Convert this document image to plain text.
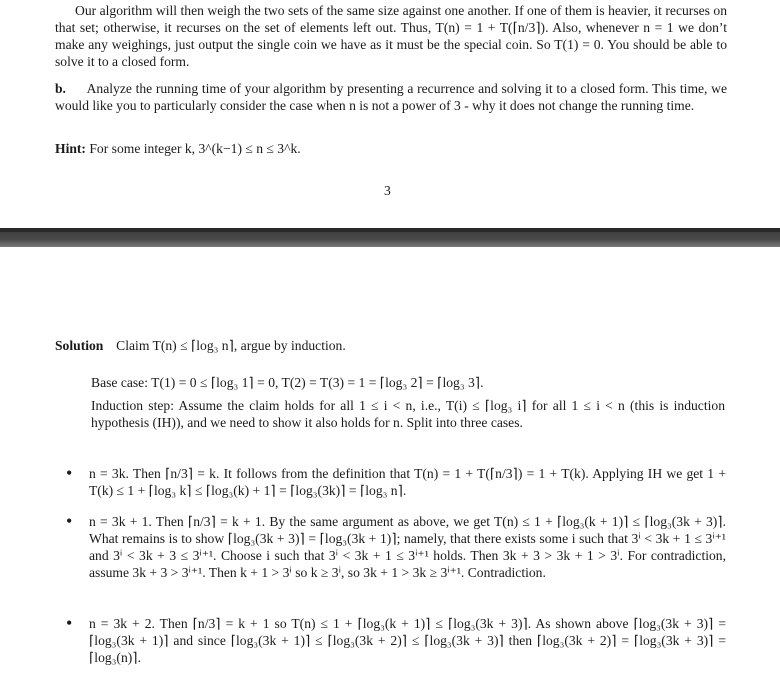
Our algorithm will then weigh the two sets of the same size against one another. If one of them is heavier, it recurses on that set; otherwise, it recurses on the set of elements left out. Thus, T(n) = 1 + T(⌈n/3⌉). Also, whenever n = 1 we don’t make any weighings, just output the single coin we have as it must be the special coin. So T(1) = 0. You should be able to solve it to a closed form.
b. Analyze the running time of your algorithm by presenting a recurrence and solving it to a closed form. This time, we would like you to particularly consider the case when n is not a power of 3 - why it does not change the running time.
Hint: For some integer k, 3^(k−1) ≤ n ≤ 3^k.
3
Solution Claim T(n) ≤ ⌈log₃ n⌉, argue by induction.
Base case: T(1) = 0 ≤ ⌈log₃ 1⌉ = 0, T(2) = T(3) = 1 = ⌈log₃ 2⌉ = ⌈log₃ 3⌉.
Induction step: Assume the claim holds for all 1 ≤ i < n, i.e., T(i) ≤ ⌈log₃ i⌉ for all 1 ≤ i < n (this is induction hypothesis (IH)), and we need to show it also holds for n. Split into three cases.
• n = 3k. Then ⌈n/3⌉ = k. It follows from the definition that T(n) = 1 + T(⌈n/3⌉) = 1 + T(k). Applying IH we get 1 + T(k) ≤ 1 + ⌈log₃ k⌉ ≤ ⌈log₃(k) + 1⌉ = ⌈log₃(3k)⌉ = ⌈log₃ n⌉.
• n = 3k + 1. Then ⌈n/3⌉ = k + 1. By the same argument as above, we get T(n) ≤ 1 + ⌈log₃(k + 1)⌉ ≤ ⌈log₃(3k + 3)⌉. What remains is to show ⌈log₃(3k + 3)⌉ = ⌈log₃(3k + 1)⌉; namely, that there exists some i such that 3ⁱ < 3k + 1 ≤ 3ⁱ⁺¹ and 3ⁱ < 3k + 3 ≤ 3ⁱ⁺¹. Choose i such that 3ⁱ < 3k + 1 ≤ 3ⁱ⁺¹ holds. Then 3k + 3 > 3k + 1 > 3ⁱ. For contradiction, assume 3k + 3 > 3ⁱ⁺¹. Then k + 1 > 3ⁱ so k ≥ 3ⁱ, so 3k + 1 > 3k ≥ 3ⁱ⁺¹. Contradiction.
• n = 3k + 2. Then ⌈n/3⌉ = k + 1 so T(n) ≤ 1 + ⌈log₃(k + 1)⌉ ≤ ⌈log₃(3k + 3)⌉. As shown above ⌈log₃(3k + 3)⌉ = ⌈log₃(3k + 1)⌉ and since ⌈log₃(3k + 1)⌉ ≤ ⌈log₃(3k + 2)⌉ ≤ ⌈log₃(3k + 3)⌉ then ⌈log₃(3k + 2)⌉ = ⌈log₃(3k + 3)⌉ = ⌈log₃(n)⌉.
